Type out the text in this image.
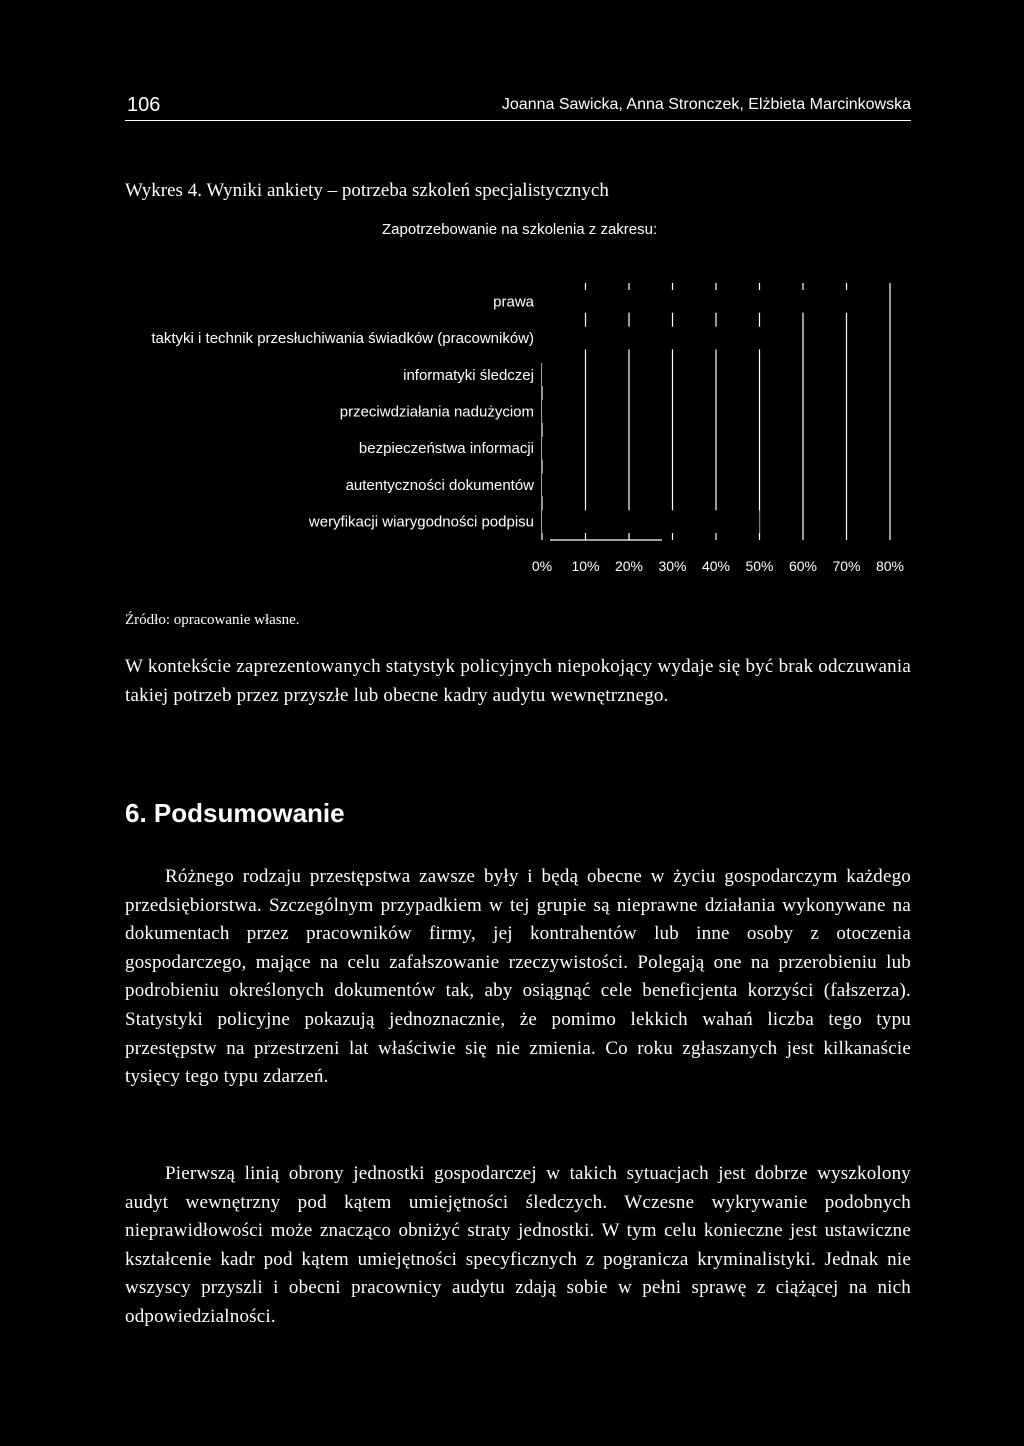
106	Joanna Sawicka, Anna Stronczek, Elżbieta Marcinkowska
Wykres 4. Wyniki ankiety – potrzeba szkoleń specjalistycznych
Zapotrzebowanie na szkolenia z zakresu:
prawa
taktyki i technik przesłuchiwania świadków (pracowników)
informatyki śledczej
przeciwdziałania nadużyciom
bezpieczeństwa informacji
autentyczności dokumentów
weryfikacji wiarygodności podpisu
0% 10% 20% 30% 40% 50% 60% 70% 80%
Źródło: opracowanie własne.
W kontekście zaprezentowanych statystyk policyjnych niepokojący wydaje się być brak odczuwania takiej potrzeb przez przyszłe lub obecne kadry audytu wewnętrznego.
6. Podsumowanie
Różnego rodzaju przestępstwa zawsze były i będą obecne w życiu gospodarczym każdego przedsiębiorstwa. Szczególnym przypadkiem w tej grupie są nieprawne działania wykonywane na dokumentach przez pracowników firmy, jej kontrahentów lub inne osoby z otoczenia gospodarczego, mające na celu zafałszowanie rzeczywistości. Polegają one na przerobieniu lub podrobieniu określonych dokumentów tak, aby osiągnąć cele beneficjenta korzyści (fałszerza). Statystyki policyjne pokazują jednoznacznie, że pomimo lekkich wahań liczba tego typu przestępstw na przestrzeni lat właściwie się nie zmienia. Co roku zgłaszanych jest kilkanaście tysięcy tego typu zdarzeń.
Pierwszą linią obrony jednostki gospodarczej w takich sytuacjach jest dobrze wyszkolony audyt wewnętrzny pod kątem umiejętności śledczych. Wczesne wykrywanie podobnych nieprawidłowości może znacząco obniżyć straty jednostki. W tym celu konieczne jest ustawiczne kształcenie kadr pod kątem umiejętności specyficznych z pogranicza kryminalistyki. Jednak nie wszyscy przyszli i obecni pracownicy audytu zdają sobie w pełni sprawę z ciążącej na nich odpowiedzialności.
